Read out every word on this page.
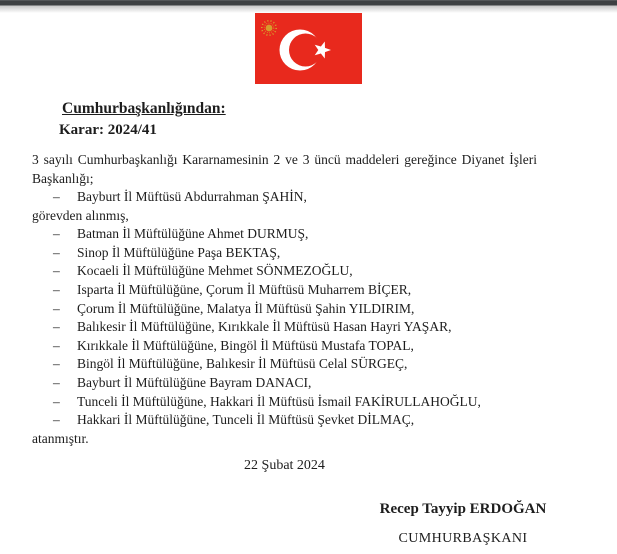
Cumhurbaşkanlığından:
Karar: 2024/41
3 sayılı Cumhurbaşkanlığı Kararnamesinin 2 ve 3 üncü maddeleri gereğince Diyanet İşleri
Başkanlığı;
– Bayburt İl Müftüsü Abdurrahman ŞAHİN,
görevden alınmış,
– Batman İl Müftülüğüne Ahmet DURMUŞ,
– Sinop İl Müftülüğüne Paşa BEKTAŞ,
– Kocaeli İl Müftülüğüne Mehmet SÖNMEZOĞLU,
– Isparta İl Müftülüğüne, Çorum İl Müftüsü Muharrem BİÇER,
– Çorum İl Müftülüğüne, Malatya İl Müftüsü Şahin YILDIRIM,
– Balıkesir İl Müftülüğüne, Kırıkkale İl Müftüsü Hasan Hayri YAŞAR,
– Kırıkkale İl Müftülüğüne, Bingöl İl Müftüsü Mustafa TOPAL,
– Bingöl İl Müftülüğüne, Balıkesir İl Müftüsü Celal SÜRGEÇ,
– Bayburt İl Müftülüğüne Bayram DANACI,
– Tunceli İl Müftülüğüne, Hakkari İl Müftüsü İsmail FAKİRULLAHOĞLU,
– Hakkari İl Müftülüğüne, Tunceli İl Müftüsü Şevket DİLMAÇ,
atanmıştır.
22 Şubat 2024
Recep Tayyip ERDOĞAN
CUMHURBAŞKANI
